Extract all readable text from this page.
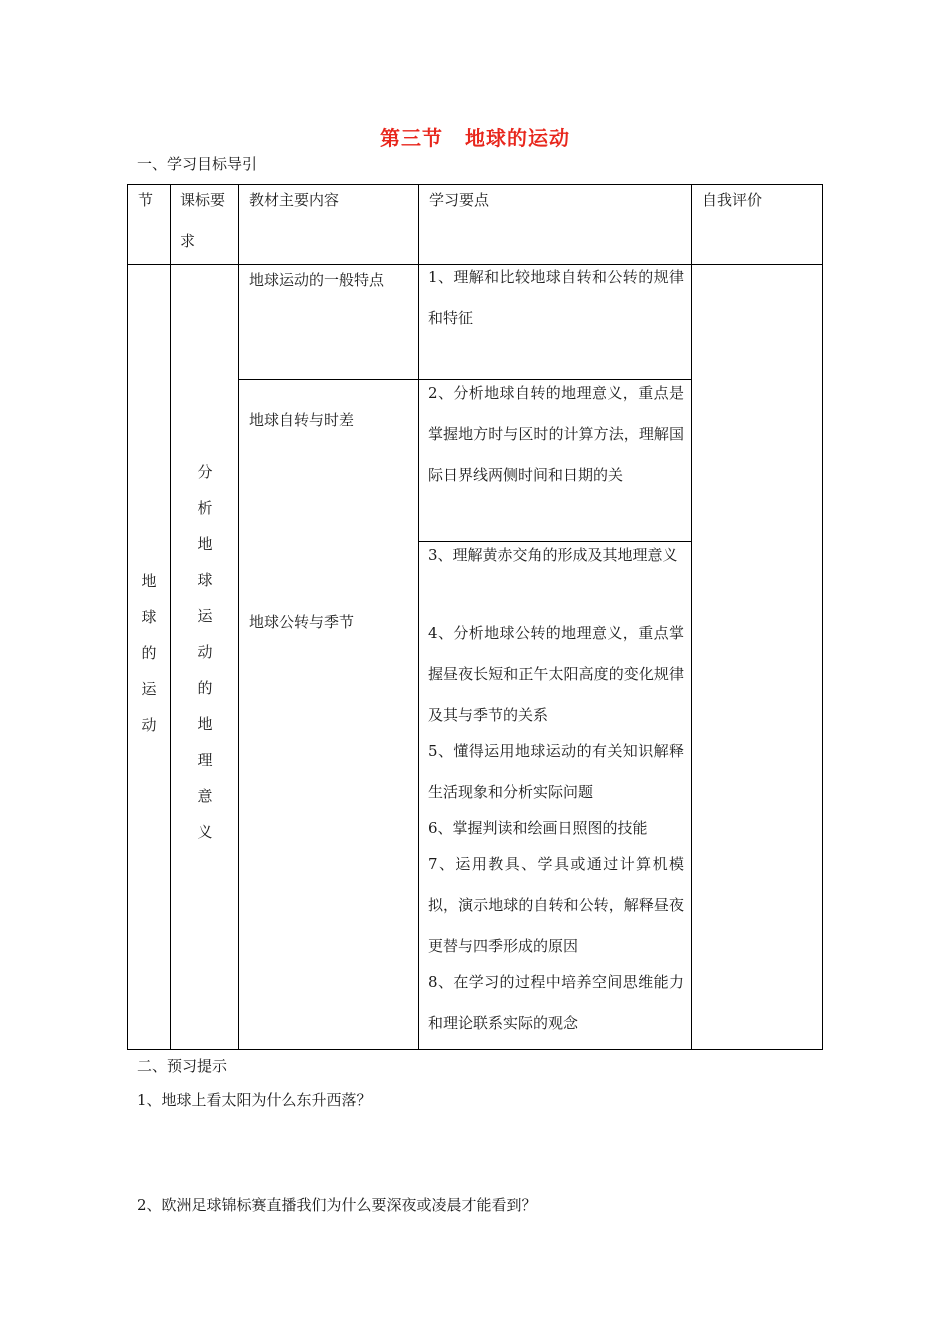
第三节 地球的运动
一、学习目标导引
节 课标要
求
教材主要内容	学习要点	自我评价
地
球
的
运
动
分
析
地
球
运
动
的
地
理
意
义
地球运动的一般特点
地球自转与时差
地球公转与季节
1、理解和比较地球自转和公转的规律和特征
2、分析地球自转的地理意义，重点是掌握地方时与区时的计算方法，理解国际日界线两侧时间和日期的关
3、理解黄赤交角的形成及其地理意义
4、分析地球公转的地理意义，重点掌握昼夜长短和正午太阳高度的变化规律及其与季节的关系
5、懂得运用地球运动的有关知识解释生活现象和分析实际问题
6、掌握判读和绘画日照图的技能
7、运用教具、学具或通过计算机模拟，演示地球的自转和公转，解释昼夜更替与四季形成的原因
8、在学习的过程中培养空间思维能力和理论联系实际的观念
二、预习提示
1、地球上看太阳为什么东升西落？
2、欧洲足球锦标赛直播我们为什么要深夜或凌晨才能看到？
